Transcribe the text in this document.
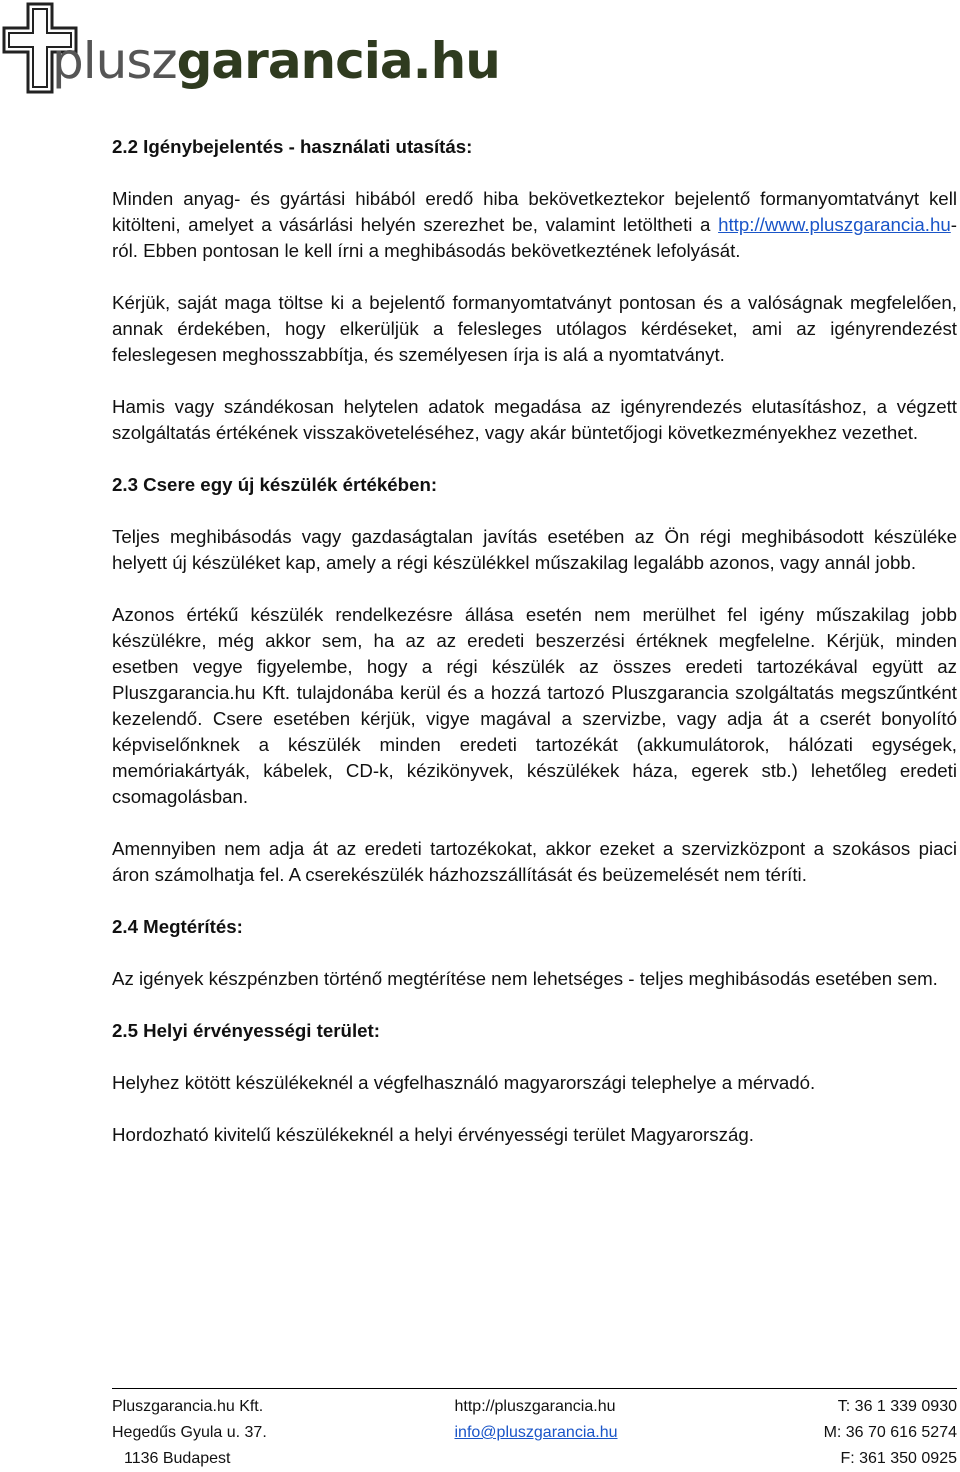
pluszgarancia.hu
2.2 Igénybejelentés - használati utasítás:

Minden anyag- és gyártási hibából eredő hiba bekövetkeztekor bejelentő formanyomtatványt kell kitölteni, amelyet a vásárlási helyén szerezhet be, valamint letöltheti a http://www.pluszgarancia.hu-ról. Ebben pontosan le kell írni a meghibásodás bekövetkeztének lefolyását.

Kérjük, saját maga töltse ki a bejelentő formanyomtatványt pontosan és a valóságnak megfelelően, annak érdekében, hogy elkerüljük a felesleges utólagos kérdéseket, ami az igényrendezést feleslegesen meghosszabbítja, és személyesen írja is alá a nyomtatványt.

Hamis vagy szándékosan helytelen adatok megadása az igényrendezés elutasításhoz, a végzett szolgáltatás értékének visszaköveteléséhez, vagy akár büntetőjogi következményekhez vezethet.

2.3 Csere egy új készülék értékében:

Teljes meghibásodás vagy gazdaságtalan javítás esetében az Ön régi meghibásodott készüléke helyett új készüléket kap, amely a régi készülékkel műszakilag legalább azonos, vagy annál jobb.

Azonos értékű készülék rendelkezésre állása esetén nem merülhet fel igény műszakilag jobb készülékre, még akkor sem, ha az az eredeti beszerzési értéknek megfelelne. Kérjük, minden esetben vegye figyelembe, hogy a régi készülék az összes eredeti tartozékával együtt az Pluszgarancia.hu Kft. tulajdonába kerül és a hozzá tartozó Pluszgarancia szolgáltatás megszűntként kezelendő. Csere esetében kérjük, vigye magával a szervizbe, vagy adja át a cserét bonyolító képviselőnknek a készülék minden eredeti tartozékát (akkumulátorok, hálózati egységek, memóriakártyák, kábelek, CD-k, kézikönyvek, készülékek háza, egerek stb.) lehetőleg eredeti csomagolásban.

Amennyiben nem adja át az eredeti tartozékokat, akkor ezeket a szervizközpont a szokásos piaci áron számolhatja fel. A cserekészülék házhozszállítását és beüzemelését nem téríti.

2.4 Megtérítés:

Az igények készpénzben történő megtérítése nem lehetséges - teljes meghibásodás esetében sem.

2.5 Helyi érvényességi terület:

Helyhez kötött készülékeknél a végfelhasználó magyarországi telephelye a mérvadó.

Hordozható kivitelű készülékeknél a helyi érvényességi terület Magyarország.

Pluszgarancia.hu Kft.	http://pluszgarancia.hu	T: 36 1 339 0930
Hegedűs Gyula u. 37.	info@pluszgarancia.hu	M: 36 70 616 5274
1136 Budapest	F: 361 350 0925
